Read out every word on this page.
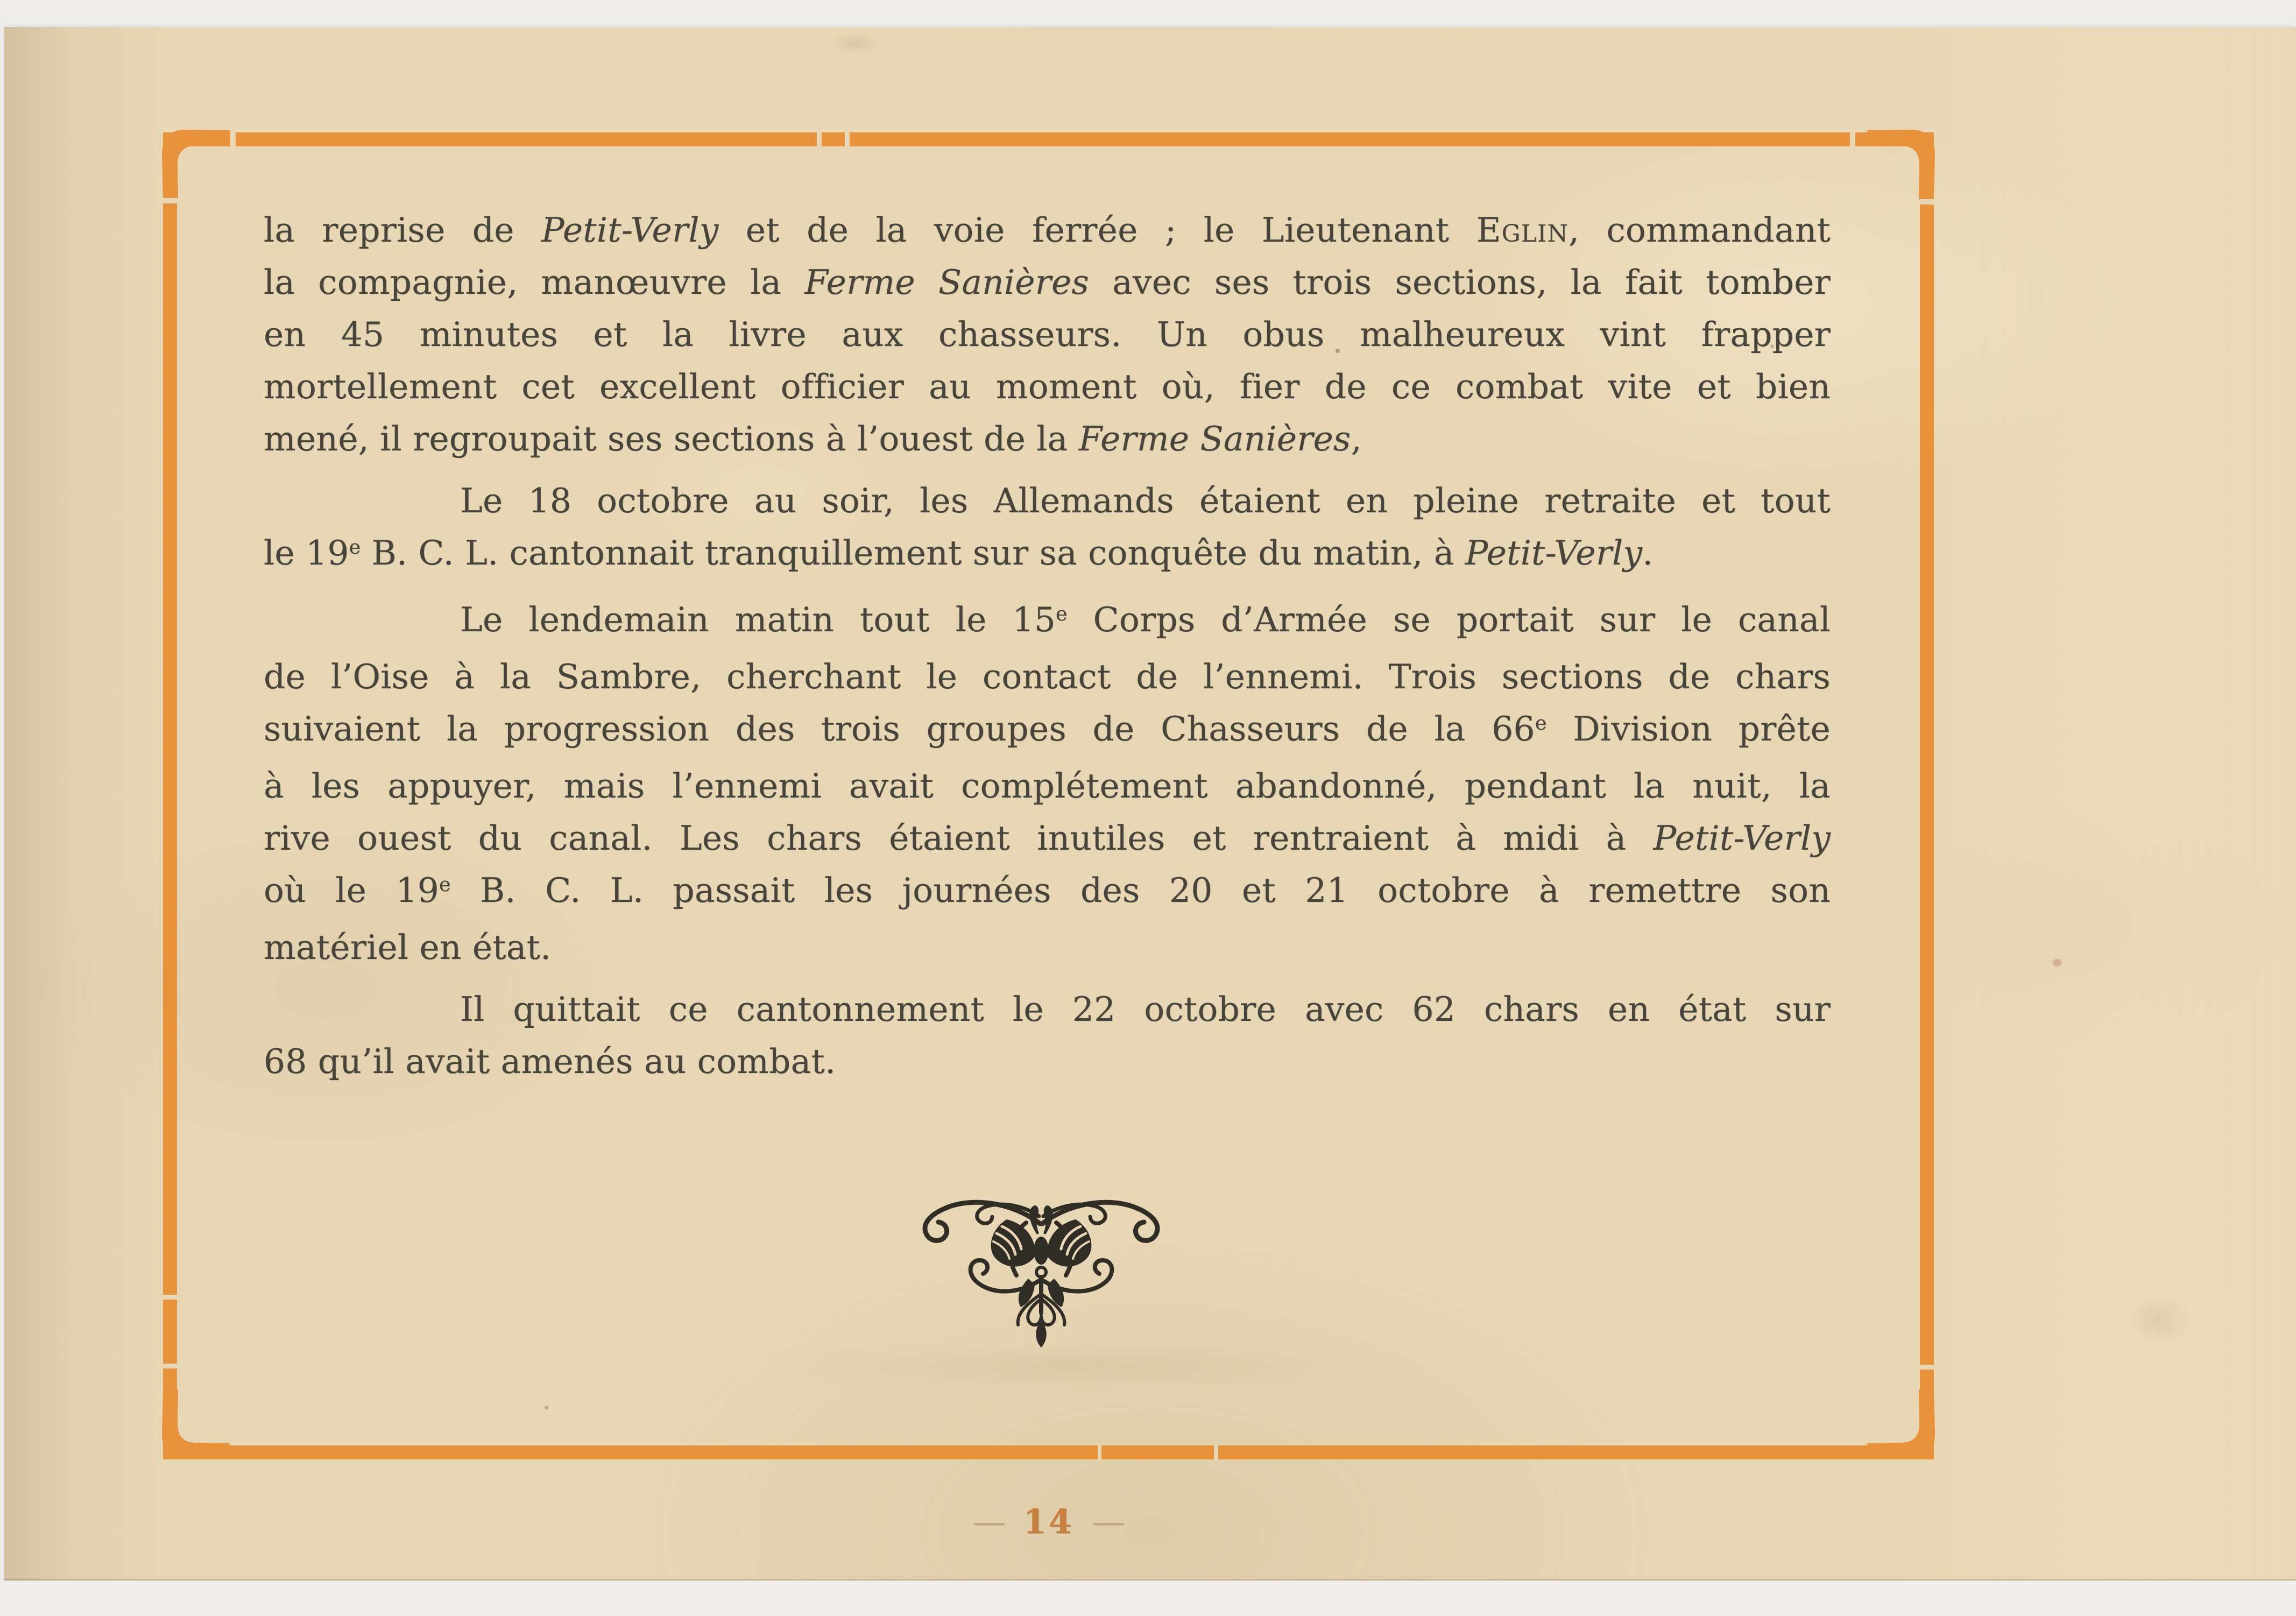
la reprise de Petit-Verly et de la voie ferrée ; le Lieutenant Eglin, commandant
la compagnie, manœuvre la Ferme Sanières avec ses trois sections, la fait tomber
en 45 minutes et la livre aux chasseurs. Un obus malheureux vint frapper
mortellement cet excellent officier au moment où, fier de ce combat vite et bien
mené, il regroupait ses sections à l’ouest de la Ferme Sanières,
Le 18 octobre au soir, les Allemands étaient en pleine retraite et tout
le 19e B. C. L. cantonnait tranquillement sur sa conquête du matin, à Petit-Verly.
Le lendemain matin tout le 15e Corps d’Armée se portait sur le canal
de l’Oise à la Sambre, cherchant le contact de l’ennemi. Trois sections de chars
suivaient la progression des trois groupes de Chasseurs de la 66e Division prête
à les appuyer, mais l’ennemi avait complétement abandonné, pendant la nuit, la
rive ouest du canal. Les chars étaient inutiles et rentraient à midi à Petit-Verly
où le 19e B. C. L. passait les journées des 20 et 21 octobre à remettre son
matériel en état.
Il quittait ce cantonnement le 22 octobre avec 62 chars en état sur
68 qu’il avait amenés au combat.
— 14 —
